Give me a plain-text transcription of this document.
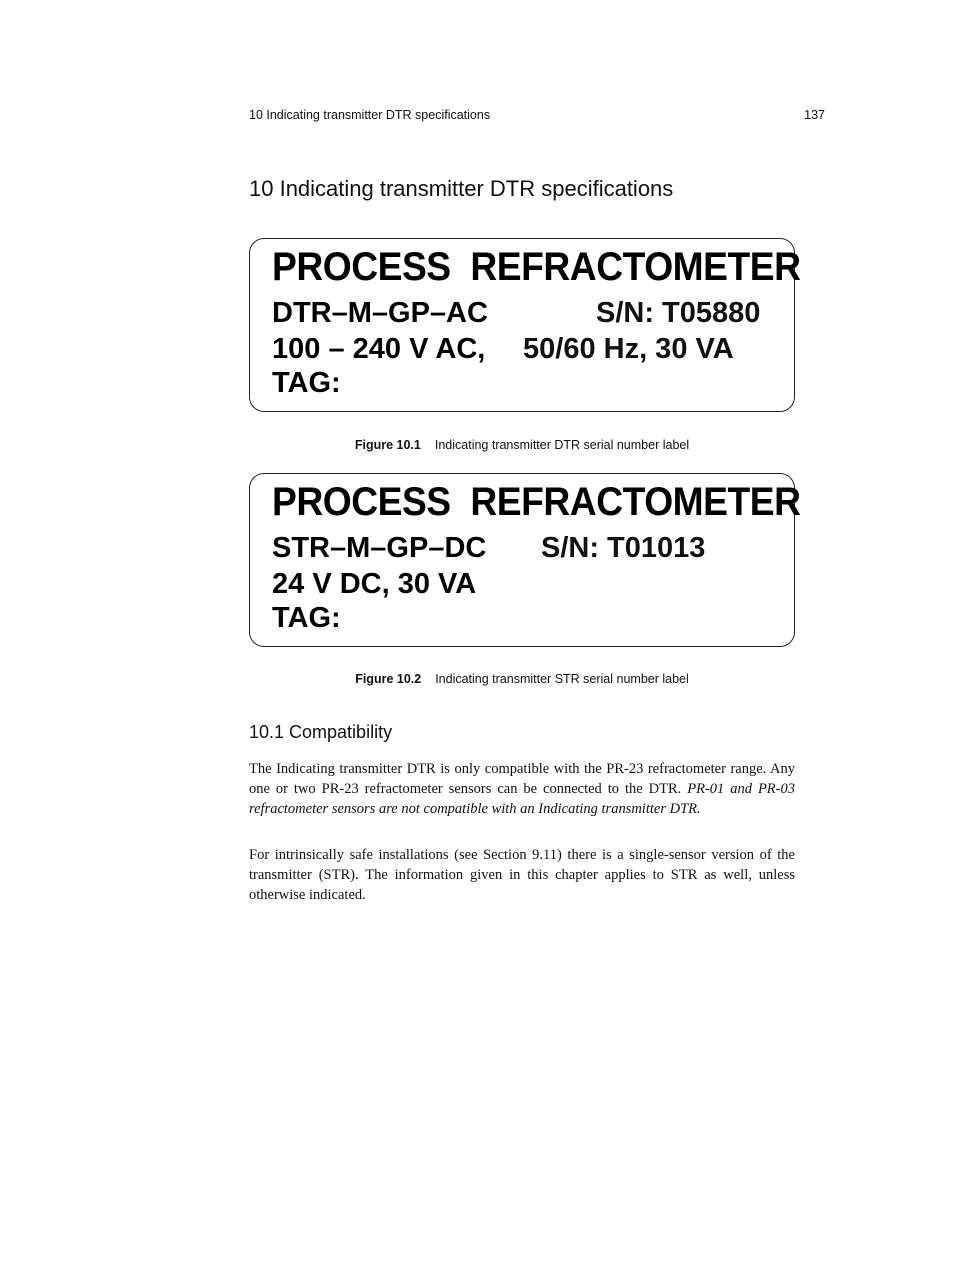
10 Indicating transmitter DTR specifications	137
10 Indicating transmitter DTR specifications
PROCESS  REFRACTOMETER
DTR–M–GP–AC	S/N: T05880
100 – 240 V AC, 50/60 Hz, 30 VA
TAG:
Figure 10.1 Indicating transmitter DTR serial number label
PROCESS  REFRACTOMETER
STR–M–GP–DC S/N: T01013
24 V DC, 30 VA
TAG:
Figure 10.2 Indicating transmitter STR serial number label
10.1 Compatibility

The Indicating transmitter DTR is only compatible with the PR-23 refractometer range. Any one or two PR-23 refractometer sensors can be connected to the DTR. PR-01 and PR-03 refractometer sensors are not compatible with an Indicating transmitter DTR.

For intrinsically safe installations (see Section 9.11) there is a single-sensor version of the transmitter (STR). The information given in this chapter applies to STR as well, unless otherwise indicated.
